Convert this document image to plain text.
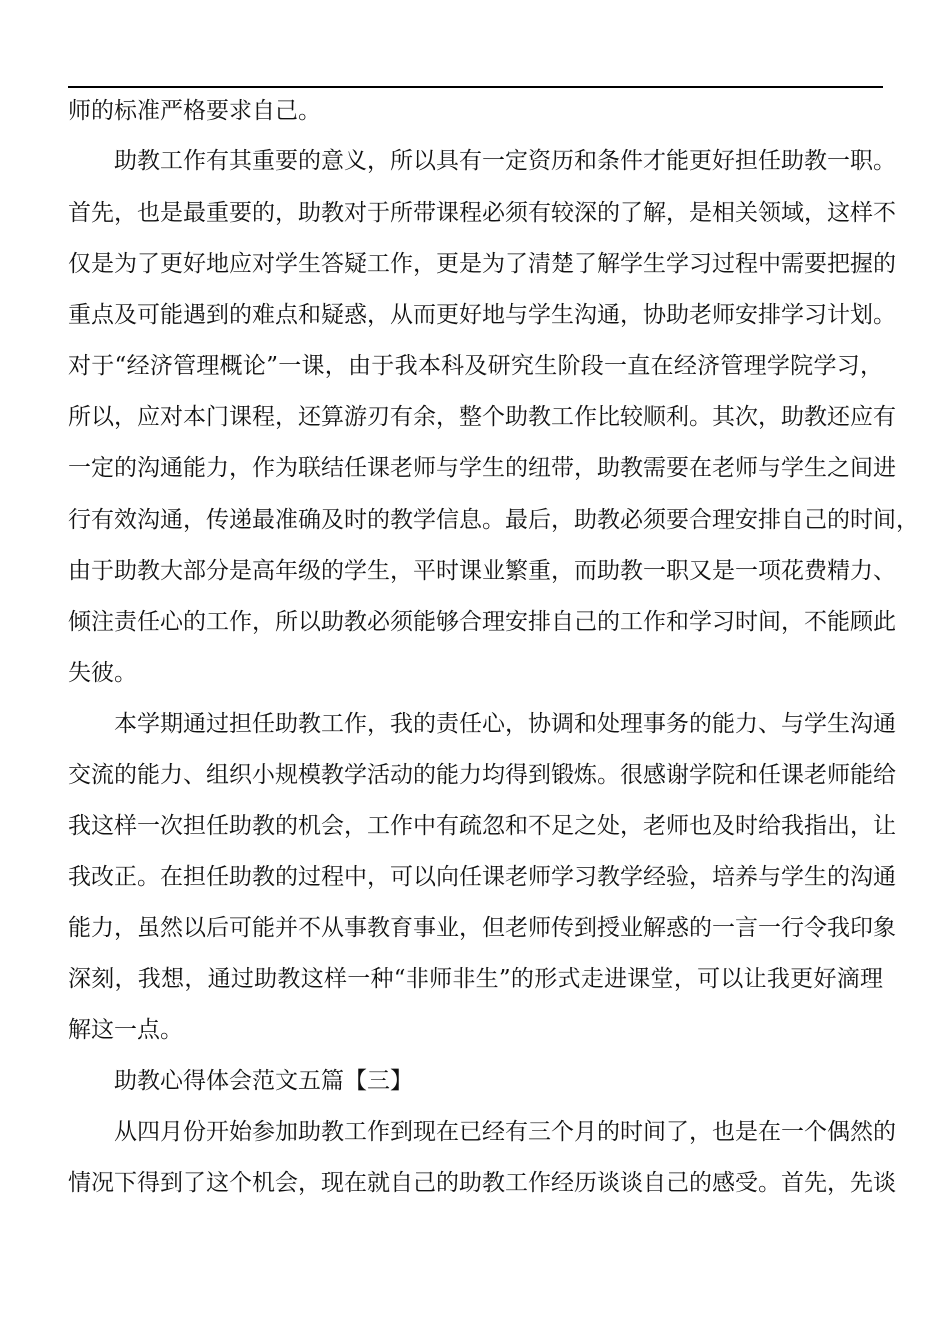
师的标准严格要求自己。
助教工作有其重要的意义，所以具有一定资历和条件才能更好担任助教一职。
首先，也是最重要的，助教对于所带课程必须有较深的了解，是相关领域，这样不
仅是为了更好地应对学生答疑工作，更是为了清楚了解学生学习过程中需要把握的
重点及可能遇到的难点和疑惑，从而更好地与学生沟通，协助老师安排学习计划。
对于“经济管理概论”一课，由于我本科及研究生阶段一直在经济管理学院学习，
所以，应对本门课程，还算游刃有余，整个助教工作比较顺利。其次，助教还应有
一定的沟通能力，作为联结任课老师与学生的纽带，助教需要在老师与学生之间进
行有效沟通，传递最准确及时的教学信息。最后，助教必须要合理安排自己的时间，
由于助教大部分是高年级的学生，平时课业繁重，而助教一职又是一项花费精力、
倾注责任心的工作，所以助教必须能够合理安排自己的工作和学习时间，不能顾此
失彼。
本学期通过担任助教工作，我的责任心，协调和处理事务的能力、与学生沟通
交流的能力、组织小规模教学活动的能力均得到锻炼。很感谢学院和任课老师能给
我这样一次担任助教的机会，工作中有疏忽和不足之处，老师也及时给我指出，让
我改正。在担任助教的过程中，可以向任课老师学习教学经验，培养与学生的沟通
能力，虽然以后可能并不从事教育事业，但老师传到授业解惑的一言一行令我印象
深刻，我想，通过助教这样一种“非师非生”的形式走进课堂，可以让我更好滴理
解这一点。
助教心得体会范文五篇【三】
从四月份开始参加助教工作到现在已经有三个月的时间了，也是在一个偶然的
情况下得到了这个机会，现在就自己的助教工作经历谈谈自己的感受。首先，先谈
